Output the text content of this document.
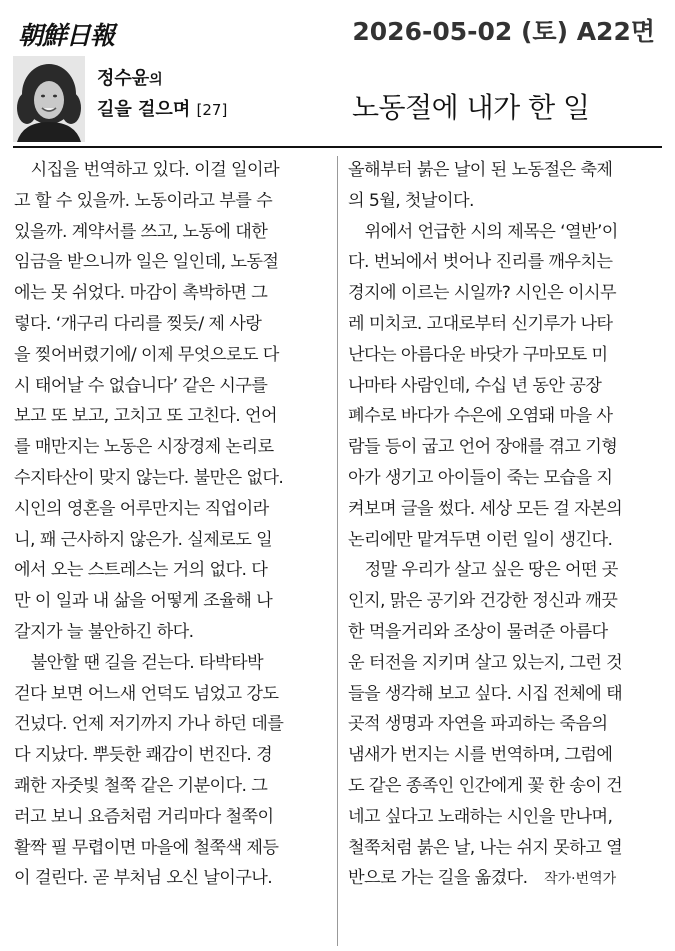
朝鮮日報	2026-05-02 (토) A22면
정수윤의
길을 걸으며 [27]	노동절에 내가 한 일
　시집을 번역하고 있다. 이걸 일이라
고 할 수 있을까. 노동이라고 부를 수
있을까. 계약서를 쓰고, 노동에 대한
임금을 받으니까 일은 일인데, 노동절
에는 못 쉬었다. 마감이 촉박하면 그
렇다. ‘개구리 다리를 찢듯/ 제 사랑
을 찢어버렸기에/ 이제 무엇으로도 다
시 태어날 수 없습니다’ 같은 시구를
보고 또 보고, 고치고 또 고친다. 언어
를 매만지는 노동은 시장경제 논리로
수지타산이 맞지 않는다. 불만은 없다.
시인의 영혼을 어루만지는 직업이라
니, 꽤 근사하지 않은가. 실제로도 일
에서 오는 스트레스는 거의 없다. 다
만 이 일과 내 삶을 어떻게 조율해 나
갈지가 늘 불안하긴 하다.
　불안할 땐 길을 걷는다. 타박타박
걷다 보면 어느새 언덕도 넘었고 강도
건넜다. 언제 저기까지 가나 하던 데를
다 지났다. 뿌듯한 쾌감이 번진다. 경
쾌한 자줏빛 철쭉 같은 기분이다. 그
러고 보니 요즘처럼 거리마다 철쭉이
활짝 필 무렵이면 마을에 철쭉색 제등
이 걸린다. 곧 부처님 오신 날이구나.
올해부터 붉은 날이 된 노동절은 축제
의 5월, 첫날이다.
　위에서 언급한 시의 제목은 ‘열반’이
다. 번뇌에서 벗어나 진리를 깨우치는
경지에 이르는 시일까? 시인은 이시무
레 미치코. 고대로부터 신기루가 나타
난다는 아름다운 바닷가 구마모토 미
나마타 사람인데, 수십 년 동안 공장
폐수로 바다가 수은에 오염돼 마을 사
람들 등이 굽고 언어 장애를 겪고 기형
아가 생기고 아이들이 죽는 모습을 지
켜보며 글을 썼다. 세상 모든 걸 자본의
논리에만 맡겨두면 이런 일이 생긴다.
　정말 우리가 살고 싶은 땅은 어떤 곳
인지, 맑은 공기와 건강한 정신과 깨끗
한 먹을거리와 조상이 물려준 아름다
운 터전을 지키며 살고 있는지, 그런 것
들을 생각해 보고 싶다. 시집 전체에 태
곳적 생명과 자연을 파괴하는 죽음의
냄새가 번지는 시를 번역하며, 그럼에
도 같은 종족인 인간에게 꽃 한 송이 건
네고 싶다고 노래하는 시인을 만나며,
철쭉처럼 붉은 날, 나는 쉬지 못하고 열
반으로 가는 길을 옮겼다.  작가·번역가
